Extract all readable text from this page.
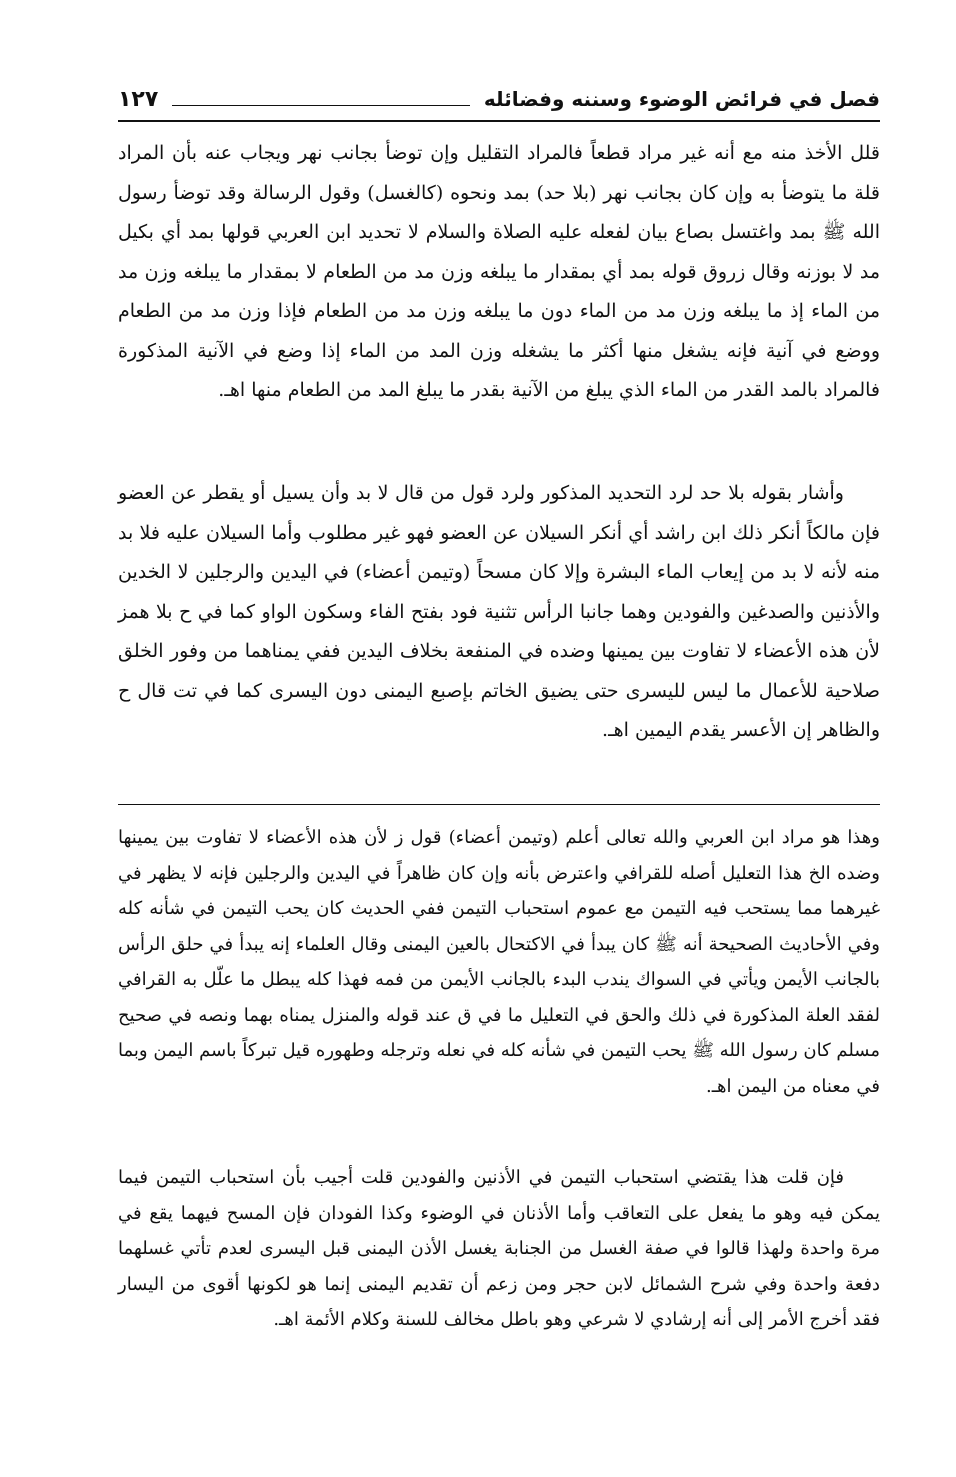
فصل في فرائض الوضوء وسننه وفضائله
١٢٧

قلل الأخذ منه مع أنه غير مراد قطعاً فالمراد التقليل وإن توضأ بجانب نهر ويجاب عنه بأن المراد قلة ما يتوضأ به وإن كان بجانب نهر (بلا حد) بمد ونحوه (كالغسل) وقول الرسالة وقد توضأ رسول الله ﷺ بمد واغتسل بصاع بيان لفعله عليه الصلاة والسلام لا تحديد ابن العربي قولها بمد أي بكيل مد لا بوزنه وقال زروق قوله بمد أي بمقدار ما يبلغه وزن مد من الطعام لا بمقدار ما يبلغه وزن مد من الماء إذ ما يبلغه وزن مد من الماء دون ما يبلغه وزن مد من الطعام فإذا وزن مد من الطعام ووضع في آنية فإنه يشغل منها أكثر ما يشغله وزن المد من الماء إذا وضع في الآنية المذكورة فالمراد بالمد القدر من الماء الذي يبلغ من الآنية بقدر ما يبلغ المد من الطعام منها اهـ.

وأشار بقوله بلا حد لرد التحديد المذكور ولرد قول من قال لا بد وأن يسيل أو يقطر عن العضو فإن مالكاً أنكر ذلك ابن راشد أي أنكر السيلان عن العضو فهو غير مطلوب وأما السيلان عليه فلا بد منه لأنه لا بد من إيعاب الماء البشرة وإلا كان مسحاً (وتيمن أعضاء) في اليدين والرجلين لا الخدين والأذنين والصدغين والفودين وهما جانبا الرأس تثنية فود بفتح الفاء وسكون الواو كما في ح بلا همز لأن هذه الأعضاء لا تفاوت بين يمينها وضده في المنفعة بخلاف اليدين ففي يمناهما من وفور الخلق صلاحية للأعمال ما ليس لليسرى حتى يضيق الخاتم بإصبع اليمنى دون اليسرى كما في تت قال ح والظاهر إن الأعسر يقدم اليمين اهـ.

وهذا هو مراد ابن العربي والله تعالى أعلم (وتيمن أعضاء) قول ز لأن هذه الأعضاء لا تفاوت بين يمينها وضده الخ هذا التعليل أصله للقرافي واعترض بأنه وإن كان ظاهراً في اليدين والرجلين فإنه لا يظهر في غيرهما مما يستحب فيه التيمن مع عموم استحباب التيمن ففي الحديث كان يحب التيمن في شأنه كله وفي الأحاديث الصحيحة أنه ﷺ كان يبدأ في الاكتحال بالعين اليمنى وقال العلماء إنه يبدأ في حلق الرأس بالجانب الأيمن ويأتي في السواك يندب البدء بالجانب الأيمن من فمه فهذا كله يبطل ما علّل به القرافي لفقد العلة المذكورة في ذلك والحق في التعليل ما في ق عند قوله والمنزل يمناه بهما ونصه في صحيح مسلم كان رسول الله ﷺ يحب التيمن في شأنه كله في نعله وترجله وطهوره قيل تبركاً باسم اليمن وبما في معناه من اليمن اهـ.

فإن قلت هذا يقتضي استحباب التيمن في الأذنين والفودين قلت أجيب بأن استحباب التيمن فيما يمكن فيه وهو ما يفعل على التعاقب وأما الأذنان في الوضوء وكذا الفودان فإن المسح فيهما يقع في مرة واحدة ولهذا قالوا في صفة الغسل من الجنابة يغسل الأذن اليمنى قبل اليسرى لعدم تأتي غسلهما دفعة واحدة وفي شرح الشمائل لابن حجر ومن زعم أن تقديم اليمنى إنما هو لكونها أقوى من اليسار فقد أخرج الأمر إلى أنه إرشادي لا شرعي وهو باطل مخالف للسنة وكلام الأئمة اهـ.
